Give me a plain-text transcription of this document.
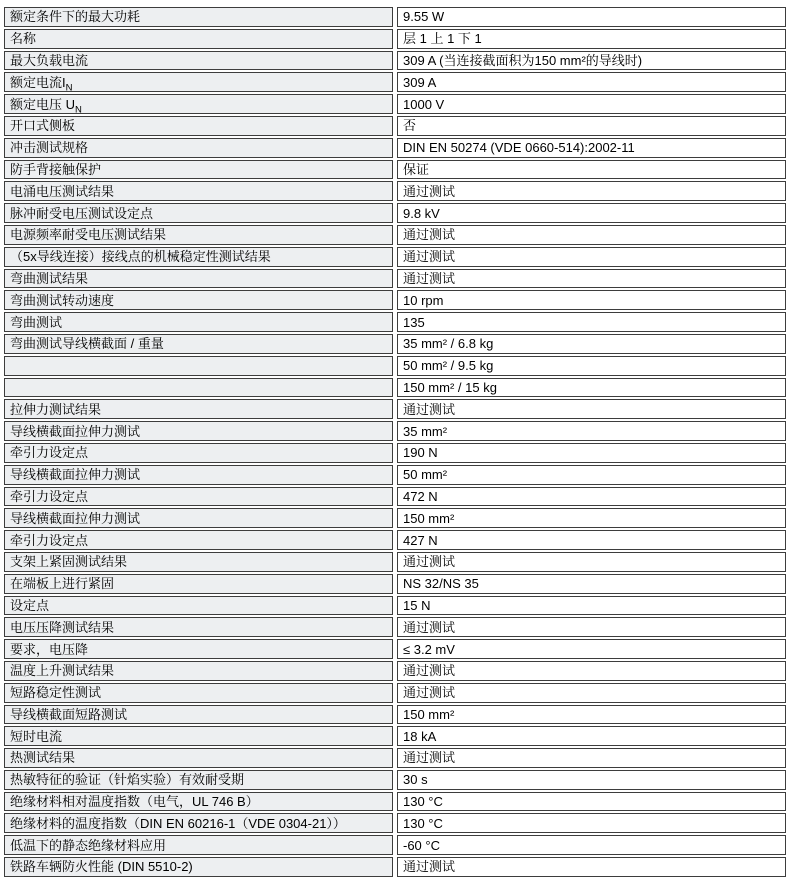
额定条件下的最大功耗	9.55 W
名称	层 1 上 1 下 1
最大负载电流	309 A (当连接截面积为150 mm²的导线时)
额定电流$I_N$	309 A
额定电压 $U_N$	1000 V
开口式侧板	否
冲击测试规格	DIN EN 50274 (VDE 0660-514):2002-11
防手背接触保护	保证
电涌电压测试结果	通过测试
脉冲耐受电压测试设定点	9.8 kV
电源频率耐受电压测试结果	通过测试
（5x导线连接）接线点的机械稳定性测试结果	通过测试
弯曲测试结果	通过测试
弯曲测试转动速度	10 rpm
弯曲测试	135
弯曲测试导线横截面 / 重量	35 mm² / 6.8 kg
	50 mm² / 9.5 kg
	150 mm² / 15 kg
拉伸力测试结果	通过测试
导线横截面拉伸力测试	35 mm²
牵引力设定点	190 N
导线横截面拉伸力测试	50 mm²
牵引力设定点	472 N
导线横截面拉伸力测试	150 mm²
牵引力设定点	427 N
支架上紧固测试结果	通过测试
在端板上进行紧固	NS 32/NS 35
设定点	15 N
电压压降测试结果	通过测试
要求，电压降	≤ 3.2 mV
温度上升测试结果	通过测试
短路稳定性测试	通过测试
导线横截面短路测试	150 mm²
短时电流	18 kA
热测试结果	通过测试
热敏特征的验证（针焰实验）有效耐受期	30 s
绝缘材料相对温度指数（电气，UL 746 B）	130 °C
绝缘材料的温度指数（DIN EN 60216-1（VDE 0304-21））	130 °C
低温下的静态绝缘材料应用	-60 °C
铁路车辆防火性能 (DIN 5510-2)	通过测试
